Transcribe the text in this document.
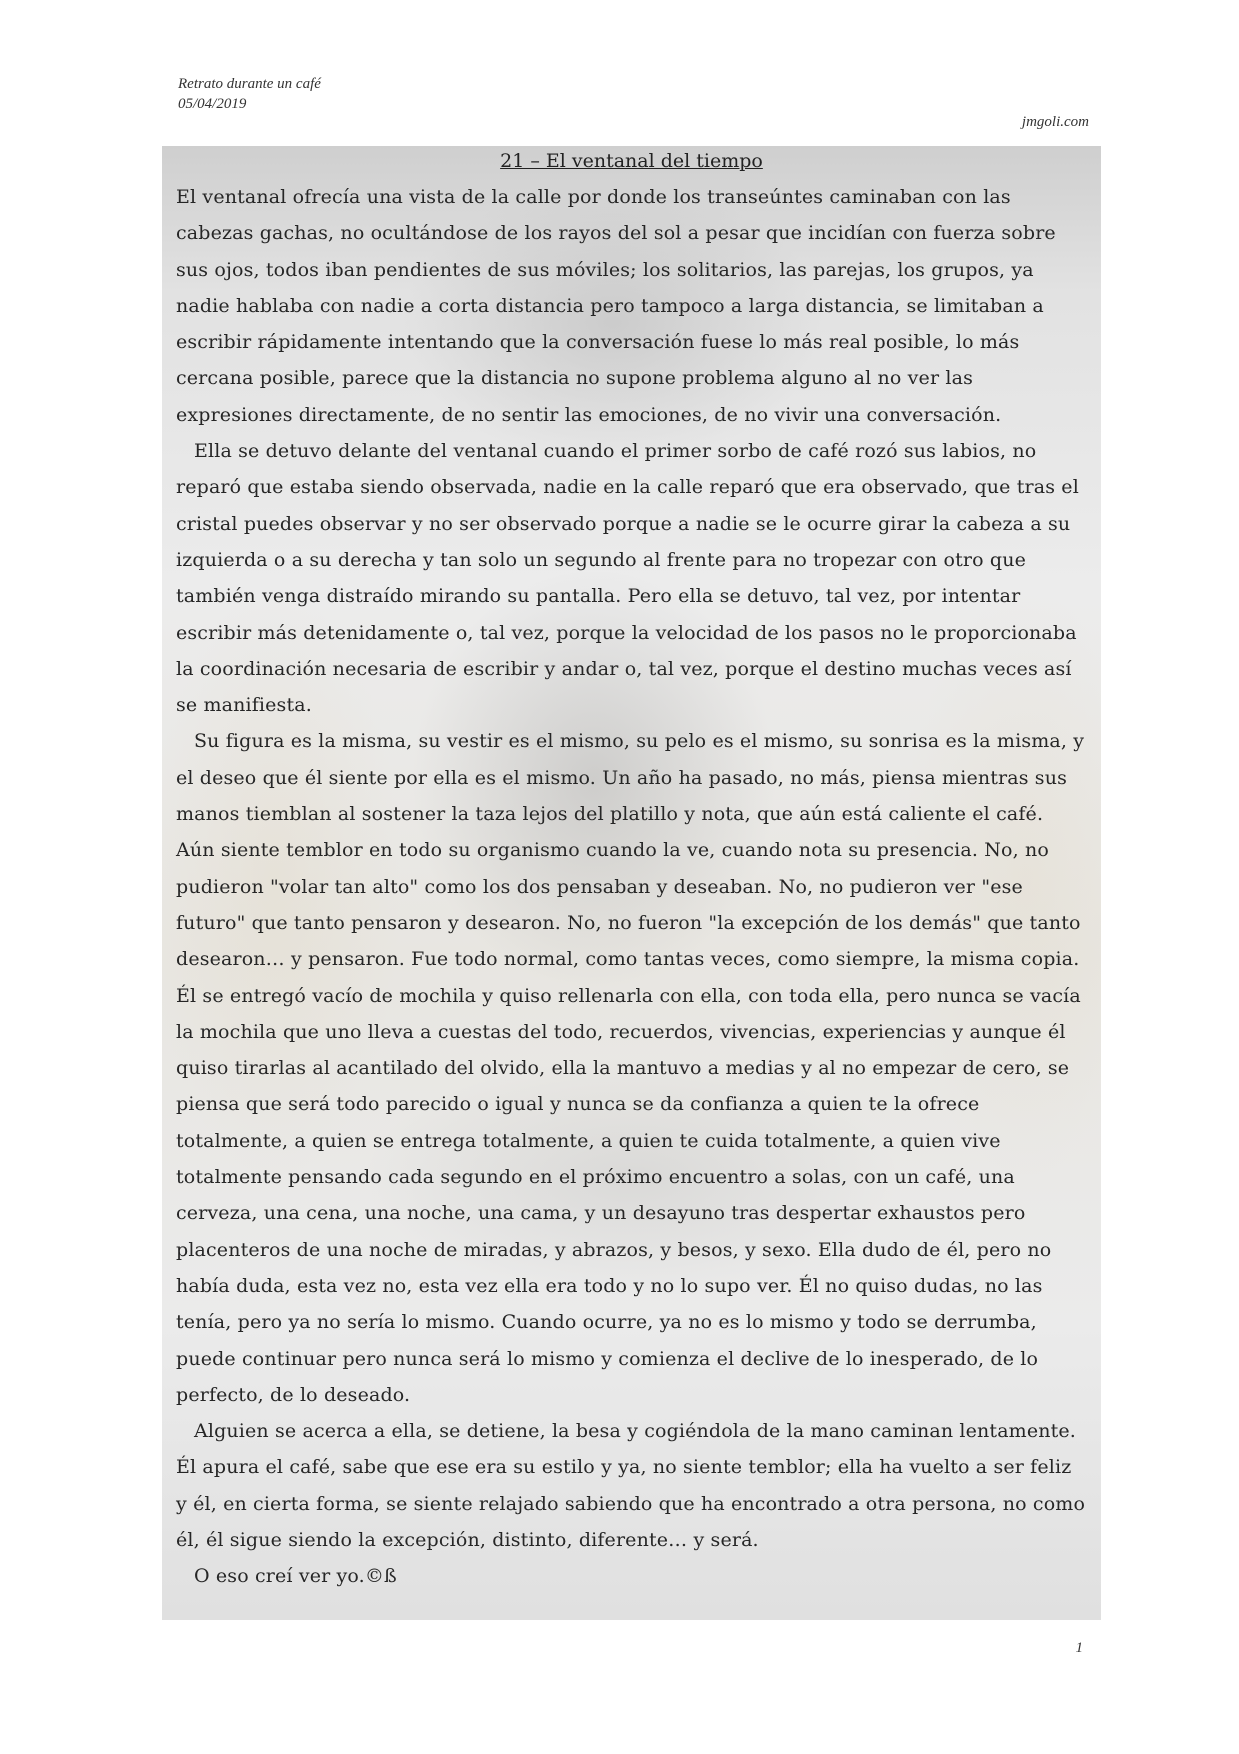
Retrato durante un café
05/04/2019
jmgoli.com
21 – El ventanal del tiempo

El ventanal ofrecía una vista de la calle por donde los transeúntes caminaban con las cabezas gachas, no ocultándose de los rayos del sol a pesar que incidían con fuerza sobre sus ojos, todos iban pendientes de sus móviles; los solitarios, las parejas, los grupos, ya nadie hablaba con nadie a corta distancia pero tampoco a larga distancia, se limitaban a escribir rápidamente intentando que la conversación fuese lo más real posible, lo más cercana posible, parece que la distancia no supone problema alguno al no ver las expresiones directamente, de no sentir las emociones, de no vivir una conversación.

Ella se detuvo delante del ventanal cuando el primer sorbo de café rozó sus labios, no reparó que estaba siendo observada, nadie en la calle reparó que era observado, que tras el cristal puedes observar y no ser observado porque a nadie se le ocurre girar la cabeza a su izquierda o a su derecha y tan solo un segundo al frente para no tropezar con otro que también venga distraído mirando su pantalla. Pero ella se detuvo, tal vez, por intentar escribir más detenidamente o, tal vez, porque la velocidad de los pasos no le proporcionaba la coordinación necesaria de escribir y andar o, tal vez, porque el destino muchas veces así se manifiesta.

Su figura es la misma, su vestir es el mismo, su pelo es el mismo, su sonrisa es la misma, y el deseo que él siente por ella es el mismo. Un año ha pasado, no más, piensa mientras sus manos tiemblan al sostener la taza lejos del platillo y nota, que aún está caliente el café. Aún siente temblor en todo su organismo cuando la ve, cuando nota su presencia. No, no pudieron "volar tan alto" como los dos pensaban y deseaban. No, no pudieron ver "ese futuro" que tanto pensaron y desearon. No, no fueron "la excepción de los demás" que tanto desearon… y pensaron. Fue todo normal, como tantas veces, como siempre, la misma copia. Él se entregó vacío de mochila y quiso rellenarla con ella, con toda ella, pero nunca se vacía la mochila que uno lleva a cuestas del todo, recuerdos, vivencias, experiencias y aunque él quiso tirarlas al acantilado del olvido, ella la mantuvo a medias y al no empezar de cero, se piensa que será todo parecido o igual y nunca se da confianza a quien te la ofrece totalmente, a quien se entrega totalmente, a quien te cuida totalmente, a quien vive totalmente pensando cada segundo en el próximo encuentro a solas, con un café, una cerveza, una cena, una noche, una cama, y un desayuno tras despertar exhaustos pero placenteros de una noche de miradas, y abrazos, y besos, y sexo. Ella dudo de él, pero no había duda, esta vez no, esta vez ella era todo y no lo supo ver. Él no quiso dudas, no las tenía, pero ya no sería lo mismo. Cuando ocurre, ya no es lo mismo y todo se derrumba, puede continuar pero nunca será lo mismo y comienza el declive de lo inesperado, de lo perfecto, de lo deseado.

Alguien se acerca a ella, se detiene, la besa y cogiéndola de la mano caminan lentamente. Él apura el café, sabe que ese era su estilo y ya, no siente temblor; ella ha vuelto a ser feliz y él, en cierta forma, se siente relajado sabiendo que ha encontrado a otra persona, no como él, él sigue siendo la excepción, distinto, diferente… y será.

O eso creí ver yo.©ß

1
